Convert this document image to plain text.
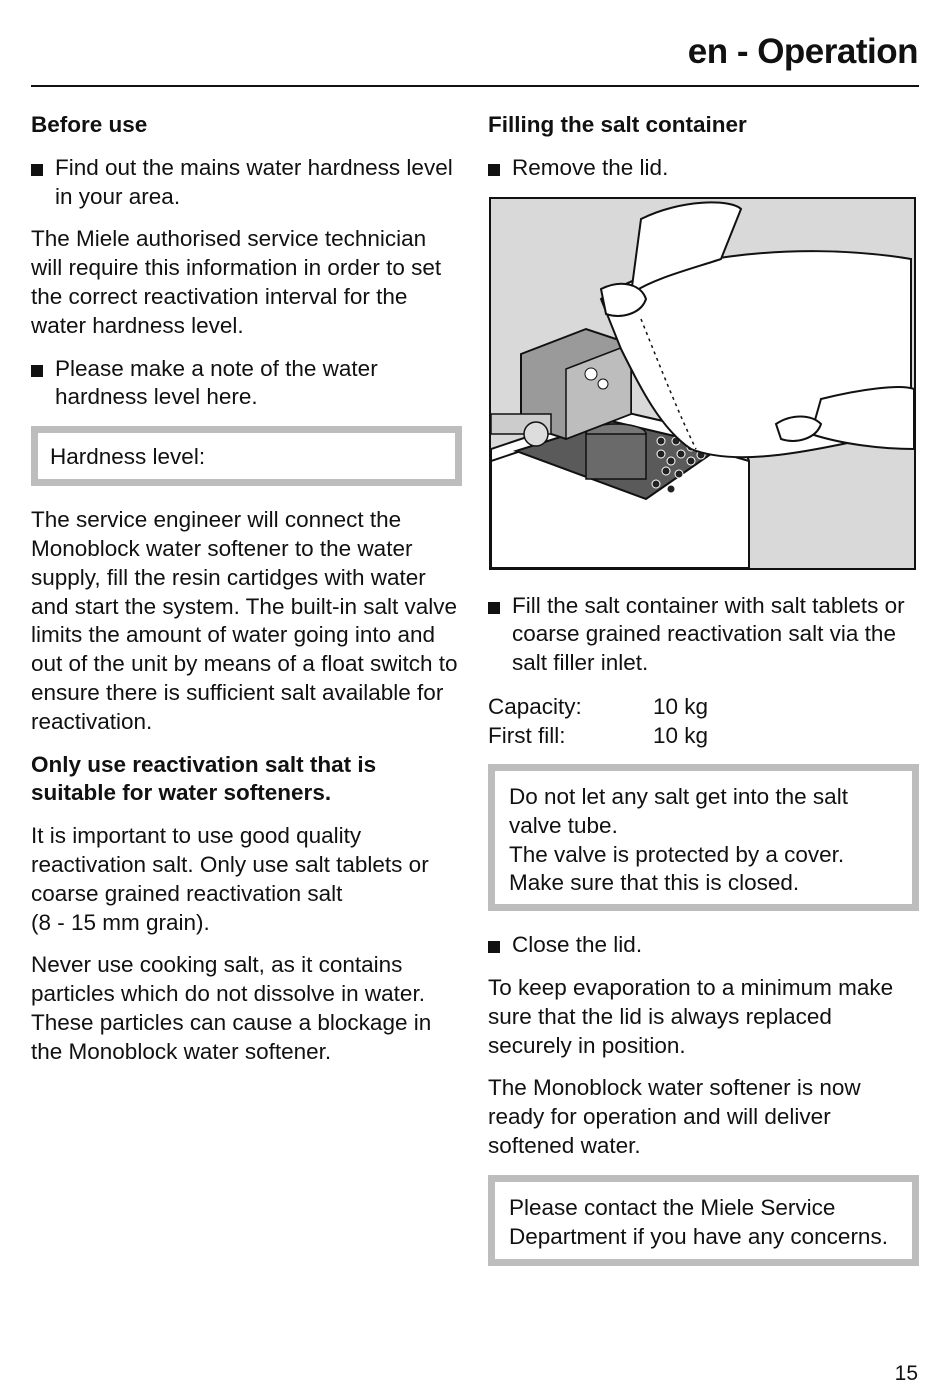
en - Operation
Before use
Find out the mains water hardness level in your area.

The Miele authorised service technician will require this information in order to set the correct reactivation interval for the water hardness level.

Please make a note of the water hardness level here.
Hardness level:

The service engineer will connect the Monoblock water softener to the water supply, fill the resin cartidges with water and start the system. The built-in salt valve limits the amount of water going into and out of the unit by means of a float switch to ensure there is sufficient salt available for reactivation.

Only use reactivation salt that is suitable for water softeners.

It is important to use good quality reactivation salt. Only use salt tablets or coarse grained reactivation salt
(8 - 15 mm grain).

Never use cooking salt, as it contains particles which do not dissolve in water. These particles can cause a blockage in the Monoblock water softener.

Filling the salt container
Remove the lid.
Fill the salt container with salt tablets or coarse grained reactivation salt via the salt filler inlet.
Capacity:	10 kg
First fill:	10 kg
Do not let any salt get into the salt valve tube.
The valve is protected by a cover. Make sure that this is closed.
Close the lid.

To keep evaporation to a minimum make sure that the lid is always replaced securely in position.

The Monoblock water softener is now ready for operation and will deliver softened water.

Please contact the Miele Service Department if you have any concerns.
15
